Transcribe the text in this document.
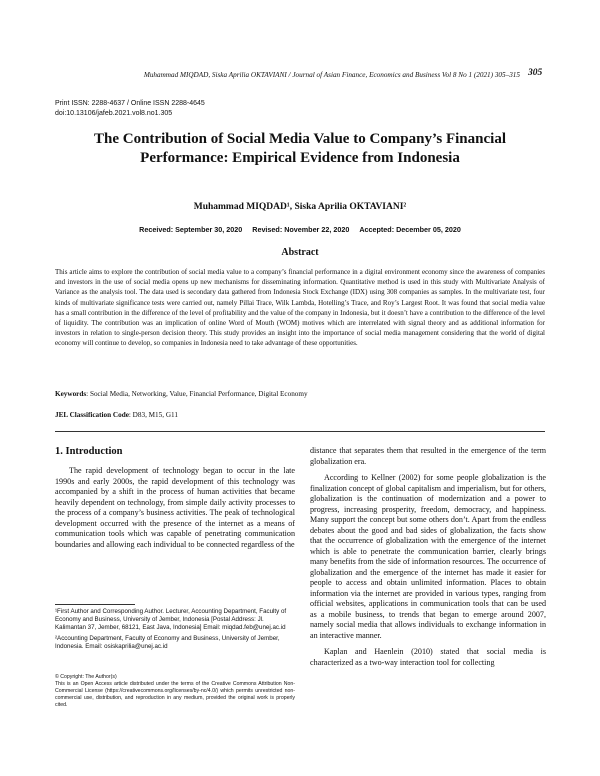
Muhammad MIQDAD, Siska Aprilia OKTAVIANI / Journal of Asian Finance, Economics and Business Vol 8 No 1 (2021) 305–315 305
Print ISSN: 2288-4637 / Online ISSN 2288-4645
doi:10.13106/jafeb.2021.vol8.no1.305
The Contribution of Social Media Value to Company’s Financial Performance: Empirical Evidence from Indonesia
Muhammad MIQDAD¹, Siska Aprilia OKTAVIANI²
Received: September 30, 2020 Revised: November 22, 2020 Accepted: December 05, 2020
Abstract

This article aims to explore the contribution of social media value to a company’s financial performance in a digital environment economy since the awareness of companies and investors in the use of social media opens up new mechanisms for disseminating information. Quantitative method is used in this study with Multivariate Analysis of Variance as the analysis tool. The data used is secondary data gathered from Indonesia Stock Exchange (IDX) using 308 companies as samples. In the multivariate test, four kinds of multivariate significance tests were carried out, namely Pillai Trace, Wilk Lambda, Hotelling’s Trace, and Roy’s Largest Root. It was found that social media value has a small contribution in the difference of the level of profitability and the value of the company in Indonesia, but it doesn’t have a contribution to the difference of the level of liquidity. The contribution was an implication of online Word of Mouth (WOM) motives which are interrelated with signal theory and as additional information for investors in relation to single-person decision theory. This study provides an insight into the importance of social media management considering that the world of digital economy will continue to develop, so companies in Indonesia need to take advantage of these opportunities.

Keywords: Social Media, Networking, Value, Financial Performance, Digital Economy
JEL Classification Code: D83, M15, G11
1. Introduction

The rapid development of technology began to occur in the late 1990s and early 2000s, the rapid development of this technology was accompanied by a shift in the process of human activities that became heavily dependent on technology, from simple daily activity processes to the process of a company’s business activities. The peak of technological development occurred with the presence of the internet as a means of communication tools which was capable of penetrating communication boundaries and allowing each individual to be connected regardless of the

distance that separates them that resulted in the emergence of the term globalization era.

According to Kellner (2002) for some people globalization is the finalization concept of global capitalism and imperialism, but for others, globalization is the continuation of modernization and a power to progress, increasing prosperity, freedom, democracy, and happiness. Many support the concept but some others don’t. Apart from the endless debates about the good and bad sides of globalization, the facts show that the occurrence of globalization with the emergence of the internet which is able to penetrate the communication barrier, clearly brings many benefits from the side of information resources. The occurrence of globalization and the emergence of the internet has made it easier for people to access and obtain unlimited information. Places to obtain information via the internet are provided in various types, ranging from official websites, applications in communication tools that can be used as a mobile business, to trends that began to emerge around 2007, namely social media that allows individuals to exchange information in an interactive manner.

Kaplan and Haenlein (2010) stated that social media is characterized as a two-way interaction tool for collecting

¹First Author and Corresponding Author. Lecturer, Accounting Department, Faculty of Economy and Business, University of Jember, Indonesia [Postal Address: Jl. Kalimantan 37, Jember, 68121, East Java, Indonesia] Email: miqdad.feb@unej.ac.id

²Accounting Department, Faculty of Economy and Business, University of Jember, Indonesia. Email: osiskaprilia@unej.ac.id

© Copyright: The Author(s)

This is an Open Access article distributed under the terms of the Creative Commons Attribution Non-Commercial License (https://creativecommons.org/licenses/by-nc/4.0/) which permits unrestricted non-commercial use, distribution, and reproduction in any medium, provided the original work is properly cited.
